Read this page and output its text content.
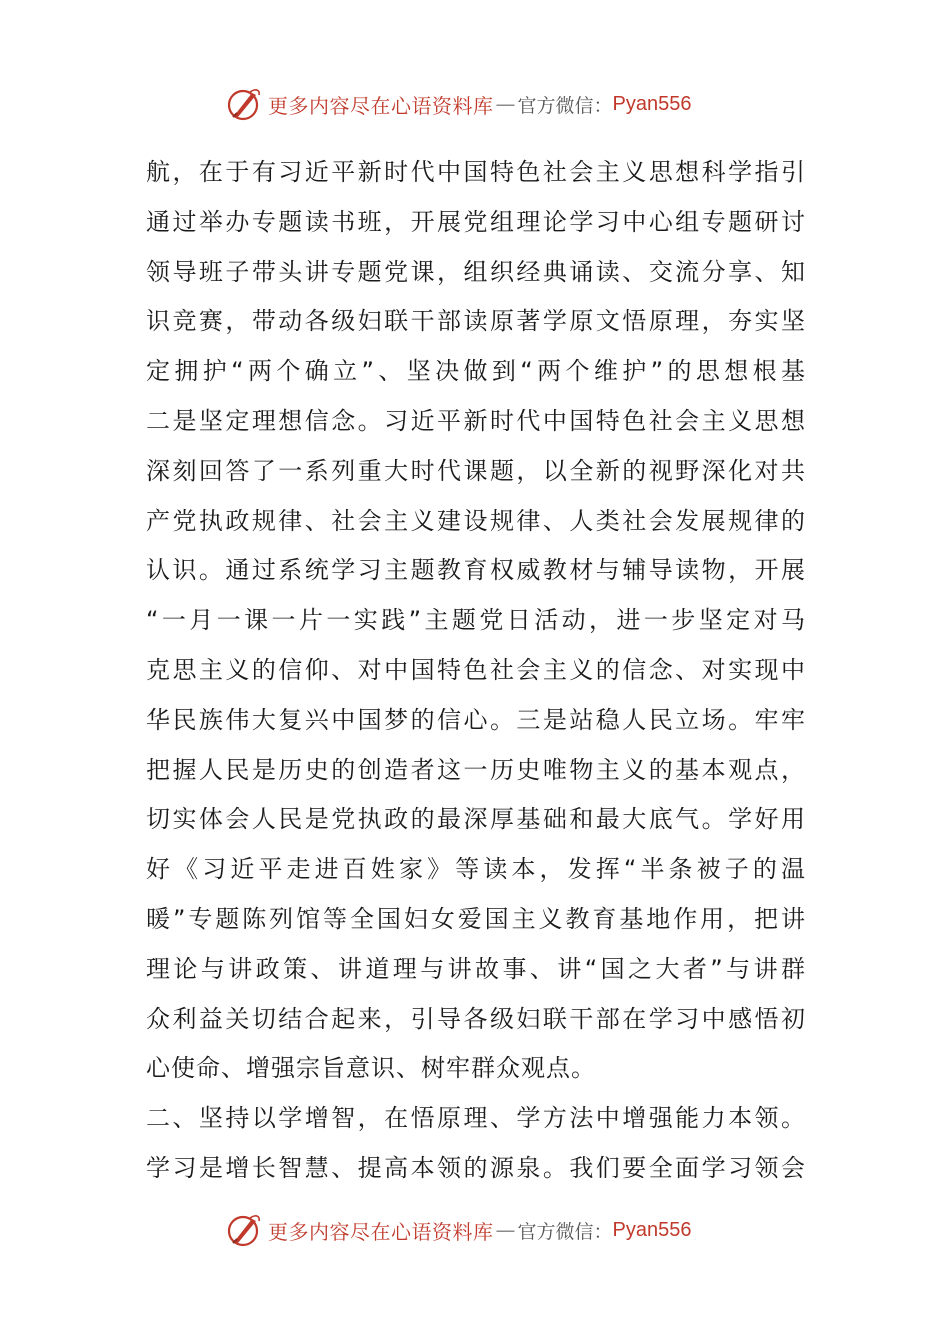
更多内容尽在心语资料库 — 官方微信： Pyan556
航，在于有习近平新时代中国特色社会主义思想科学指引
通过举办专题读书班，开展党组理论学习中心组专题研讨
领导班子带头讲专题党课，组织经典诵读、交流分享、知
识竞赛，带动各级妇联干部读原著学原文悟原理，夯实坚
定拥护“两个确立”、坚决做到“两个维护”的思想根基
二是坚定理想信念。习近平新时代中国特色社会主义思想
深刻回答了一系列重大时代课题，以全新的视野深化对共
产党执政规律、社会主义建设规律、人类社会发展规律的
认识。通过系统学习主题教育权威教材与辅导读物，开展
“一月一课一片一实践”主题党日活动，进一步坚定对马
克思主义的信仰、对中国特色社会主义的信念、对实现中
华民族伟大复兴中国梦的信心。三是站稳人民立场。牢牢
把握人民是历史的创造者这一历史唯物主义的基本观点，
切实体会人民是党执政的最深厚基础和最大底气。学好用
好《习近平走进百姓家》等读本，发挥“半条被子的温
暖”专题陈列馆等全国妇女爱国主义教育基地作用，把讲
理论与讲政策、讲道理与讲故事、讲“国之大者”与讲群
众利益关切结合起来，引导各级妇联干部在学习中感悟初
心使命、增强宗旨意识、树牢群众观点。
二、坚持以学增智，在悟原理、学方法中增强能力本领。
学习是增长智慧、提高本领的源泉。我们要全面学习领会
更多内容尽在心语资料库 — 官方微信： Pyan556
